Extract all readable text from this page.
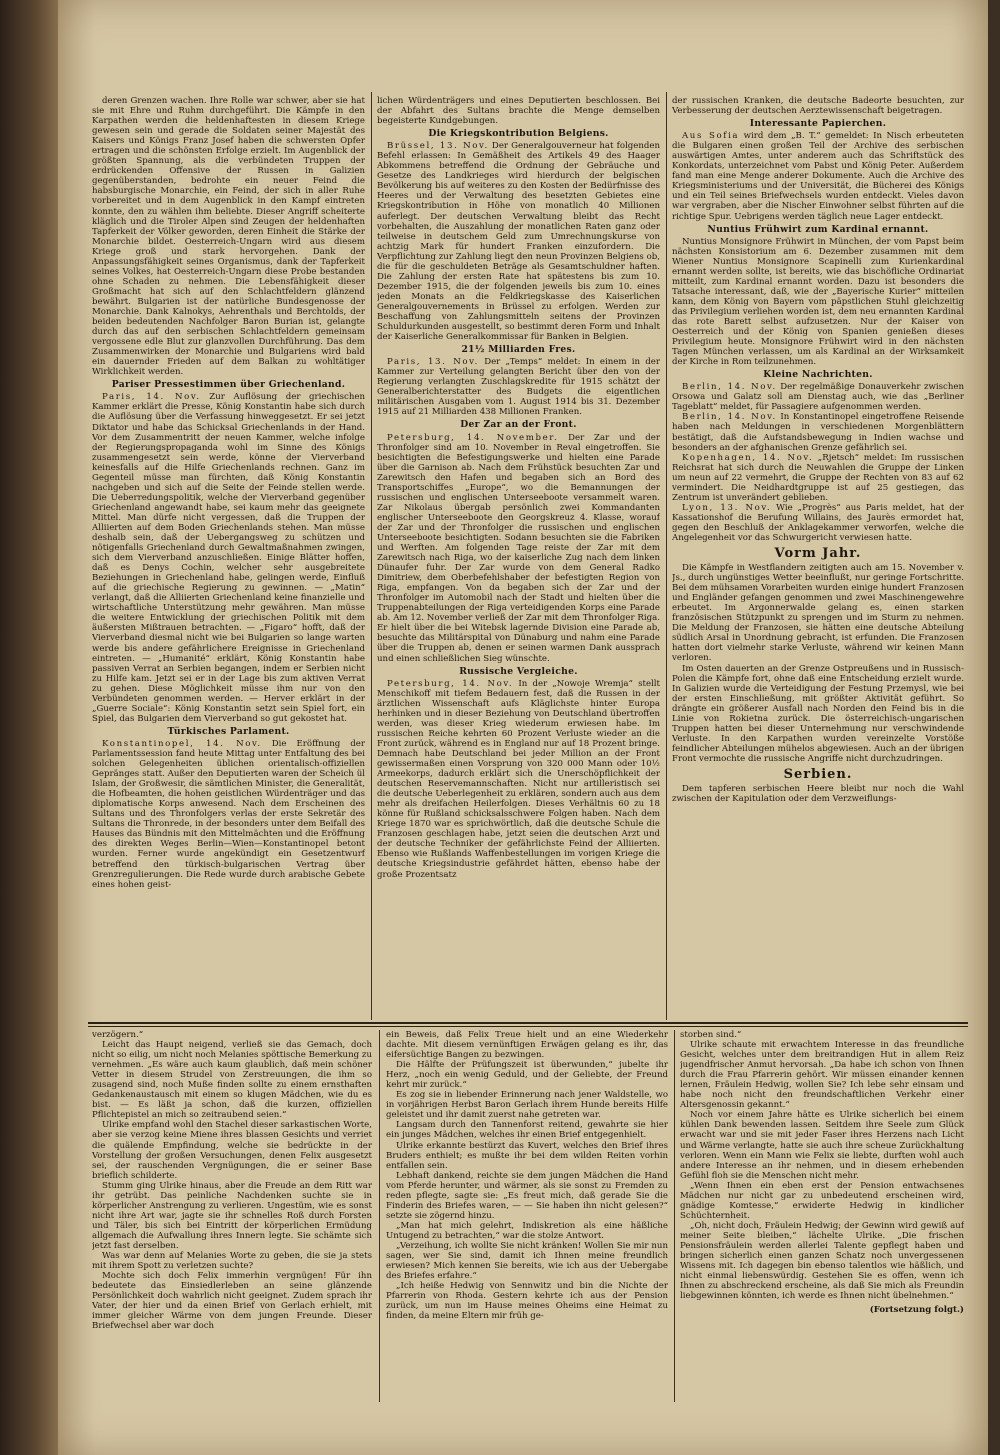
deren Grenzen wachen. Ihre Rolle war schwer, aber sie hat sie mit Ehre und Ruhm durchgeführt. Die Kämpfe in den Karpathen werden die heldenhaftesten in diesem Kriege gewesen sein und gerade die Soldaten seiner Majestät des Kaisers und Königs Franz Josef haben die schwersten Opfer ertragen und die schönsten Erfolge erzielt. Im Augenblick der größten Spannung, als die verbündeten Truppen der erdrückenden Offensive der Russen in Galizien gegenüberstanden, bedrohte ein neuer Feind die habsburgische Monarchie, ein Feind, der sich in aller Ruhe vorbereitet und in dem Augenblick in den Kampf eintreten konnte, den zu wählen ihm beliebte. Dieser Angriff scheiterte kläglich und die Tiroler Alpen sind Zeugen der heldenhaften Tapferkeit der Völker geworden, deren Einheit die Stärke der Monarchie bildet. Oesterreich-Ungarn wird aus diesem Kriege groß und stark hervorgehen. Dank der Anpassungsfähigkeit seines Organismus, dank der Tapferkeit seines Volkes, hat Oesterreich-Ungarn diese Probe bestanden ohne Schaden zu nehmen. Die Lebensfähigkeit dieser Großmacht hat sich auf den Schlachtfeldern glänzend bewährt. Bulgarien ist der natürliche Bundesgenosse der Monarchie. Dank Kalnokys, Aehrenthals und Berchtolds, der beiden bedeutenden Nachfolger Baron Burian ist, gelangte durch das auf den serbischen Schlachtfeldern gemeinsam vergossene edle Blut zur glanzvollen Durchführung. Das dem Zusammenwirken der Monarchie und Bulgariens wird bald ein dauernder Frieden auf dem Balkan zu wohltätiger Wirklichkeit werden.

Pariser Pressestimmen über Griechenland.

Paris, 14. Nov. Zur Auflösung der griechischen Kammer erklärt die Presse, König Konstantin habe sich durch die Auflösung über die Verfassung hinweggesetzt. Er sei jetzt Diktator und habe das Schicksal Griechenlands in der Hand. Vor dem Zusammentritt der neuen Kammer, welche infolge der Regierungspropaganda wohl im Sinne des Königs zusammengesetzt sein werde, könne der Vierverband keinesfalls auf die Hilfe Griechenlands rechnen. Ganz im Gegenteil müsse man fürchten, daß König Konstantin nachgeben und sich auf die Seite der Feinde stellen werde. Die Ueberredungspolitik, welche der Vierverband gegenüber Griechenland angewandt habe, sei kaum mehr das geeignete Mittel. Man dürfe nicht vergessen, daß die Truppen der Alliierten auf dem Boden Griechenlands stehen. Man müsse deshalb sein, daß der Uebergangsweg zu schützen und nötigenfalls Griechenland durch Gewaltmaßnahmen zwingen, sich dem Vierverband anzuschließen. Einige Blätter hoffen, daß es Denys Cochin, welcher sehr ausgebreitete Beziehungen in Griechenland habe, gelingen werde, Einfluß auf die griechische Regierung zu gewinnen. — „Matin“ verlangt, daß die Alliierten Griechenland keine finanzielle und wirtschaftliche Unterstützung mehr gewähren. Man müsse die weitere Entwicklung der griechischen Politik mit dem äußersten Mißtrauen betrachten. — „Figaro“ hofft, daß der Vierverband diesmal nicht wie bei Bulgarien so lange warten werde bis andere gefährlichere Ereignisse in Griechenland eintreten. — „Humanité“ erklärt, König Konstantin habe passiven Verrat an Serbien begangen, indem er Serbien nicht zu Hilfe kam. Jetzt sei er in der Lage bis zum aktiven Verrat zu gehen. Diese Möglichkeit müsse ihm nur von den Verbündeten genommen werden. — Herver erklärt in der „Guerre Sociale“: König Konstantin setzt sein Spiel fort, ein Spiel, das Bulgarien dem Vierverband so gut gekostet hat.

Türkisches Parlament.

Konstantinopel, 14. Nov. Die Eröffnung der Parlamentssession fand heute Mittag unter Entfaltung des bei solchen Gelegenheiten üblichen orientalisch-offiziellen Gepränges statt. Außer den Deputierten waren der Scheich ül Islam, der Großwesir, die sämtlichen Minister, die Generalität, die Hofbeamten, die hohen geistlichen Würdenträger und das diplomatische Korps anwesend. Nach dem Erscheinen des Sultans und des Thronfolgers verlas der erste Sekretär des Sultans die Thronrede, in der besonders unter dem Beifall des Hauses das Bündnis mit den Mittelmächten und die Eröffnung des direkten Weges Berlin—Wien—Konstantinopel betont wurden. Ferner wurde angekündigt ein Gesetzentwurf betreffend den türkisch-bulgarischen Vertrag über Grenzregulierungen. Die Rede wurde durch arabische Gebete eines hohen geist-

lichen Würdenträgers und eines Deputierten beschlossen. Bei der Abfahrt des Sultans brachte die Menge demselben begeisterte Kundgebungen.

Die Kriegskontribution Belgiens.

Brüssel, 13. Nov. Der Generalgouverneur hat folgenden Befehl erlassen: In Gemäßheit des Artikels 49 des Haager Abkommens betreffend die Ordnung der Gebräuche und Gesetze des Landkrieges wird hierdurch der belgischen Bevölkerung bis auf weiteres zu den Kosten der Bedürfnisse des Heeres und der Verwaltung des besetzten Gebietes eine Kriegskontribution in Höhe von monatlich 40 Millionen auferlegt. Der deutschen Verwaltung bleibt das Recht vorbehalten, die Auszahlung der monatlichen Raten ganz oder teilweise in deutschem Geld zum Umrechnungskurse von achtzig Mark für hundert Franken einzufordern. Die Verpflichtung zur Zahlung liegt den neun Provinzen Belgiens ob, die für die geschuldeten Beträge als Gesamtschuldner haften. Die Zahlung der ersten Rate hat spätestens bis zum 10. Dezember 1915, die der folgenden jeweils bis zum 10. eines jeden Monats an die Feldkriegskasse des Kaiserlichen Generalgouvernements in Brüssel zu erfolgen. Werden zur Beschaffung von Zahlungsmitteln seitens der Provinzen Schuldurkunden ausgestellt, so bestimmt deren Form und Inhalt der Kaiserliche Generalkommissar für Banken in Belgien.

21½ Milliarden Fres.

Paris, 13. Nov. Der „Temps“ meldet: In einem in der Kammer zur Verteilung gelangten Bericht über den von der Regierung verlangten Zuschlagskredite für 1915 schätzt der Generalberichterstatter des Budgets die eigentlichen militärischen Ausgaben vom 1. August 1914 bis 31. Dezember 1915 auf 21 Milliarden 438 Millionen Franken.

Der Zar an der Front.

Petersburg, 14. November. Der Zar und der Thronfolger sind am 10. November in Reval eingetroffen. Sie besichtigten die Befestigungswerke und hielten eine Parade über die Garnison ab. Nach dem Frühstück besuchten Zar und Zarewitsch den Hafen und begaben sich an Bord des Transportschiffes „Europe“, wo die Bemannungen der russischen und englischen Unterseeboote versammelt waren. Zar Nikolaus übergab persönlich zwei Kommandanten englischer Unterseeboote den Georgskreuz 4. Klasse, worauf der Zar und der Thronfolger die russischen und englischen Unterseeboote besichtigten. Sodann besuchten sie die Fabriken und Werften. Am folgenden Tage reiste der Zar mit dem Zarewitsch nach Riga, wo der kaiserliche Zug nach dem linken Dünaufer fuhr. Der Zar wurde von dem General Radko Dimitriew, dem Oberbefehlshaber der befestigten Region von Riga, empfangen. Von da begaben sich der Zar und der Thronfolger im Automobil nach der Stadt und hielten über die Truppenabteilungen der Riga verteidigenden Korps eine Parade ab. Am 12. November verließ der Zar mit dem Thronfolger Riga. Er hielt über die bei Witebsk lagernde Division eine Parade ab, besuchte das Militärspital von Dünaburg und nahm eine Parade über die Truppen ab, denen er seinen warmen Dank aussprach und einen schließlichen Sieg wünschte.

Russische Vergleiche.

Petersburg, 14. Nov. In der „Nowoje Wremja“ stellt Menschikoff mit tiefem Bedauern fest, daß die Russen in der ärztlichen Wissenschaft aufs Kläglichste hinter Europa herhinken und in dieser Beziehung von Deutschland übertroffen werden, was dieser Krieg wiederum erwiesen habe. Im russischen Reiche kehrten 60 Prozent Verluste wieder an die Front zurück, während es in England nur auf 18 Prozent bringe. Demnach habe Deutschland bei jeder Million an der Front gewissermaßen einen Vorsprung von 320 000 Mann oder 10½ Armeekorps, dadurch erklärt sich die Unerschöpflichkeit der deutschen Reservemannschaften. Nicht nur artilleristisch sei die deutsche Ueberlegenheit zu erklären, sondern auch aus dem mehr als dreifachen Heilerfolgen. Dieses Verhältnis 60 zu 18 könne für Rußland schicksalsschwere Folgen haben. Nach dem Kriege 1870 war es sprichwörtlich, daß die deutsche Schule die Franzosen geschlagen habe, jetzt seien die deutschen Arzt und der deutsche Techniker der gefährlichste Feind der Alliierten. Ebenso wie Rußlands Waffenbestellungen im vorigen Kriege die deutsche Kriegsindustrie gefährdet hätten, ebenso habe der große Prozentsatz

der russischen Kranken, die deutsche Badeorte besuchten, zur Verbesserung der deutschen Aerztewissenschaft beigetragen.

Interessante Papierchen.

Aus Sofia wird dem „B. T.“ gemeldet: In Nisch erbeuteten die Bulgaren einen großen Teil der Archive des serbischen auswärtigen Amtes, unter anderem auch das Schriftstück des Konkordats, unterzeichnet vom Pabst und König Peter. Außerdem fand man eine Menge anderer Dokumente. Auch die Archive des Kriegsministeriums und der Universität, die Bücherei des Königs und ein Teil seines Briefwechsels wurden entdeckt. Vieles davon war vergraben, aber die Nischer Einwohner selbst führten auf die richtige Spur. Uebrigens werden täglich neue Lager entdeckt.

Nuntius Frühwirt zum Kardinal ernannt.

Nuntius Monsignore Frühwirt in München, der vom Papst beim nächsten Konsistorium am 6. Dezember zusammen mit dem Wiener Nuntius Monsignore Scapinelli zum Kurienkardinal ernannt werden sollte, ist bereits, wie das bischöfliche Ordinariat mitteilt, zum Kardinal ernannt worden. Dazu ist besonders die Tatsache interessant, daß, wie der „Bayerische Kurier“ mitteilen kann, dem König von Bayern vom päpstlichen Stuhl gleichzeitig das Privilegium verliehen worden ist, dem neu ernannten Kardinal das rote Barett selbst aufzusetzen. Nur der Kaiser von Oesterreich und der König von Spanien genießen dieses Privilegium heute. Monsignore Frühwirt wird in den nächsten Tagen München verlassen, um als Kardinal an der Wirksamkeit der Kirche in Rom teilzunehmen.

Kleine Nachrichten.

Berlin, 14. Nov. Der regelmäßige Donauverkehr zwischen Orsowa und Galatz soll am Dienstag auch, wie das „Berliner Tageblatt“ meldet, für Passagiere aufgenommen werden.

Berlin, 14. Nov. In Konstantinopel eingetroffene Reisende haben nach Meldungen in verschiedenen Morgenblättern bestätigt, daß die Aufstandsbewegung in Indien wachse und besonders an der afghanischen Grenze gefährlich sei.

Kopenhagen, 14. Nov. „Rjetsch“ meldet: Im russischen Reichsrat hat sich durch die Neuwahlen die Gruppe der Linken um neun auf 22 vermehrt, die Gruppe der Rechten von 83 auf 62 vermindert. Die Neidhardtgruppe ist auf 25 gestiegen, das Zentrum ist unverändert geblieben.

Lyon, 13. Nov. Wie „Progrès“ aus Paris meldet, hat der Kassationshof die Berufung Willains, des Jaurès ermordet hat, gegen den Beschluß der Anklagekammer verworfen, welche die Angelegenheit vor das Schwurgericht verwiesen hatte.

Vorm Jahr.

Die Kämpfe in Westflandern zeitigten auch am 15. November v. Js., durch ungünstiges Wetter beeinflußt, nur geringe Fortschritte. Bei dem mühsamen Vorarbeiten wurden einige hundert Franzosen und Engländer gefangen genommen und zwei Maschinengewehre erbeutet. Im Argonnerwalde gelang es, einen starken französischen Stützpunkt zu sprengen und im Sturm zu nehmen. Die Meldung der Franzosen, sie hätten eine deutsche Abteilung südlich Arsal in Unordnung gebracht, ist erfunden. Die Franzosen hatten dort vielmehr starke Verluste, während wir keinen Mann verloren.

Im Osten dauerten an der Grenze Ostpreußens und in Russisch-Polen die Kämpfe fort, ohne daß eine Entscheidung erzielt wurde. In Galizien wurde die Verteidigung der Festung Przemysl, wie bei der ersten Einschließung, mit größter Aktivität geführt. So drängte ein größerer Ausfall nach Norden den Feind bis in die Linie von Rokietna zurück. Die österreichisch-ungarischen Truppen hatten bei dieser Unternehmung nur verschwindende Verluste. In den Karpathen wurden vereinzelte Vorstöße feindlicher Abteilungen mühelos abgewiesen. Auch an der übrigen Front vermochte die russische Angriffe nicht durchzudringen.

Serbien.

Dem tapferen serbischen Heere bleibt nur noch die Wahl zwischen der Kapitulation oder dem Verzweiflungs-

verzögern.“

Leicht das Haupt neigend, verließ sie das Gemach, doch nicht so eilig, um nicht noch Melanies spöttische Bemerkung zu vernehmen. „Es wäre auch kaum glaublich, daß mein schöner Vetter in diesem Strudel von Zerstreuungen, die ihm so zusagend sind, noch Muße finden sollte zu einem ernsthaften Gedankenaustausch mit einem so klugen Mädchen, wie du es bist. — Es läßt ja schon, daß die kurzen, offiziellen Pflichtepistel an mich so zeitraubend seien.“

Ulrike empfand wohl den Stachel dieser sarkastischen Worte, aber sie verzog keine Miene ihres blassen Gesichts und verriet die quälende Empfindung, welche sie bedrückte in der Vorstellung der großen Versuchungen, denen Felix ausgesetzt sei, der rauschenden Vergnügungen, die er seiner Base brieflich schilderte.

Stumm ging Ulrike hinaus, aber die Freude an dem Ritt war ihr getrübt. Das peinliche Nachdenken suchte sie in körperlicher Anstrengung zu verlieren. Ungestüm, wie es sonst nicht ihre Art war, jagte sie ihr schnelles Roß durch Forsten und Täler, bis sich bei Eintritt der körperlichen Ermüdung allgemach die Aufwallung ihres Innern legte. Sie schämte sich jetzt fast derselben.

Was war denn auf Melanies Worte zu geben, die sie ja stets mit ihrem Spott zu verletzen suchte?

Mochte sich doch Felix immerhin vergnügen! Für ihn bedeutete das Einsiedlerleben an seine glänzende Persönlichkeit doch wahrlich nicht geeignet. Zudem sprach ihr Vater, der hier und da einen Brief von Gerlach erhielt, mit immer gleicher Wärme von dem jungen Freunde. Dieser Briefwechsel aber war doch

ein Beweis, daß Felix Treue hielt und an eine Wiederkehr dachte. Mit diesem vernünftigen Erwägen gelang es ihr, das eifersüchtige Bangen zu bezwingen.

Die Hälfte der Prüfungszeit ist überwunden,“ jubelte ihr Herz, „noch ein wenig Geduld, und der Geliebte, der Freund kehrt mir zurück.“

Es zog sie in liebender Erinnerung nach jener Waldstelle, wo in vorjährigen Herbst Baron Gerlach ihrem Hunde bereits Hilfe geleistet und ihr damit zuerst nahe getreten war.

Langsam durch den Tannenforst reitend, gewahrte sie hier ein junges Mädchen, welches ihr einen Brief entgegenhielt.

Ulrike erkannte bestürzt das Kuvert, welches den Brief ihres Bruders enthielt; es mußte ihr bei dem wilden Reiten vorhin entfallen sein.

Lebhaft dankend, reichte sie dem jungen Mädchen die Hand vom Pferde herunter, und wärmer, als sie sonst zu Fremden zu reden pflegte, sagte sie: „Es freut mich, daß gerade Sie die Finderin des Briefes waren, — — Sie haben ihn nicht gelesen?“ setzte sie zögernd hinzu.

„Man hat mich gelehrt, Indiskretion als eine häßliche Untugend zu betrachten,“ war die stolze Antwort.

„Verzeihung, ich wollte Sie nicht kränken! Wollen Sie mir nun sagen, wer Sie sind, damit ich Ihnen meine freundlich erwiesen? Mich kennen Sie bereits, wie ich aus der Uebergabe des Briefes erfahre.“

„Ich heiße Hedwig von Sennwitz und bin die Nichte der Pfarrerin von Rhoda. Gestern kehrte ich aus der Pension zurück, um nun im Hause meines Oheims eine Heimat zu finden, da meine Eltern mir früh ge-

storben sind.“

Ulrike schaute mit erwachtem Interesse in das freundliche Gesicht, welches unter dem breitrandigen Hut in allem Reiz jugendfrischer Anmut hervorsah. „Da habe ich schon von Ihnen durch die Frau Pfarrerin gehört. Wir müssen einander kennen lernen, Fräulein Hedwig, wollen Sie? Ich lebe sehr einsam und habe noch nicht den freundschaftlichen Verkehr einer Altersgenossin gekannt.“

Noch vor einem Jahre hätte es Ulrike sicherlich bei einem kühlen Dank bewenden lassen. Seitdem ihre Seele zum Glück erwacht war und sie mit jeder Faser ihres Herzens nach Licht und Wärme verlangte, hatte sie auch ihre scheue Zurückhaltung verloren. Wenn ein Mann wie Felix sie liebte, durften wohl auch andere Interesse an ihr nehmen, und in diesem erhebenden Gefühl floh sie die Menschen nicht mehr.

„Wenn Ihnen ein eben erst der Pension entwachsenes Mädchen nur nicht gar zu unbedeutend erscheinen wird, gnädige Komtesse,“ erwiderte Hedwig in kindlicher Schüchternheit.

„Oh, nicht doch, Fräulein Hedwig; der Gewinn wird gewiß auf meiner Seite bleiben,“ lächelte Ulrike. „Die frischen Pensionsfräulein werden allerlei Talente gepflegt haben und bringen sicherlich einen ganzen Schatz noch unvergessenen Wissens mit. Ich dagegen bin ebenso talentlos wie häßlich, und nicht einmal liebenswürdig. Gestehen Sie es offen, wenn ich Ihnen zu abschreckend erscheine, als daß Sie mich als Freundin liebgewinnen könnten, ich werde es Ihnen nicht übelnehmen.“

(Fortsetzung folgt.)
